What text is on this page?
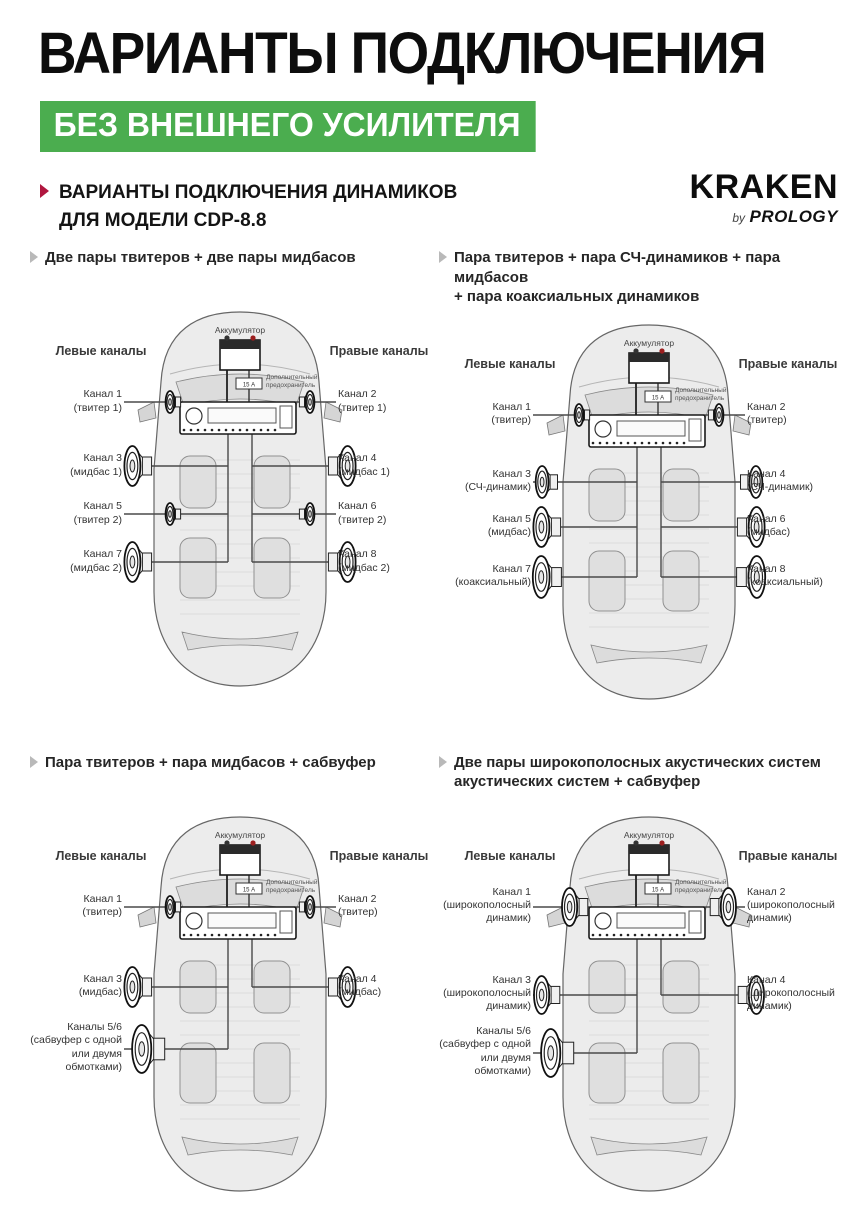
ВАРИАНТЫ ПОДКЛЮЧЕНИЯ
БЕЗ ВНЕШНЕГО УСИЛИТЕЛЯ
ВАРИАНТЫ ПОДКЛЮЧЕНИЯ ДИНАМИКОВ
ДЛЯ МОДЕЛИ CDP-8.8
KRAKEN
by PROLOGY
Две пары твитеров + две пары мидбасов
15 А
Левые каналы	Правые каналы
Аккумулятор
Дополнительный
предохранитель
Канал 1
(твитер 1)
Канал 2
(твитер 1)
Канал 3
(мидбас 1)
Канал 4
(мидбас 1)
Канал 5
(твитер 2)
Канал 6
(твитер 2)
Канал 7
(мидбас 2)
Канал 8
(мидбас 2)
Пара твитеров + пара СЧ-динамиков + пара мидбасов
+ пара коаксиальных динамиков
15 А
Левые каналы	Правые каналы
Аккумулятор
Дополнительный
предохранитель
Канал 1
(твитер)
Канал 2
(твитер)
Канал 3
(СЧ-динамик)
Канал 4
(СЧ-динамик)
Канал 5
(мидбас)
Канал 6
(мидбас)
Канал 7
(коаксиальный)
Канал 8
(коаксиальный)
Пара твитеров + пара мидбасов + сабвуфер
15 А
Левые каналы	Правые каналы
Аккумулятор
Дополнительный
предохранитель
Канал 1
(твитер)
Канал 2
(твитер)
Канал 3
(мидбас)
Канал 4
(мидбас)
Каналы 5/6
(сабвуфер с одной
или двумя
обмотками)
Две пары широкополосных акустических систем
акустических систем + сабвуфер
15 А
Левые каналы	Правые каналы
Аккумулятор
Дополнительный
предохранитель
Канал 1
(широкополосный
динамик)
Канал 2
(широкополосный
динамик)
Канал 3
(широкополосный
динамик)
Канал 4
(широкополосный
динамик)
Каналы 5/6
(сабвуфер с одной
или двумя
обмотками)
